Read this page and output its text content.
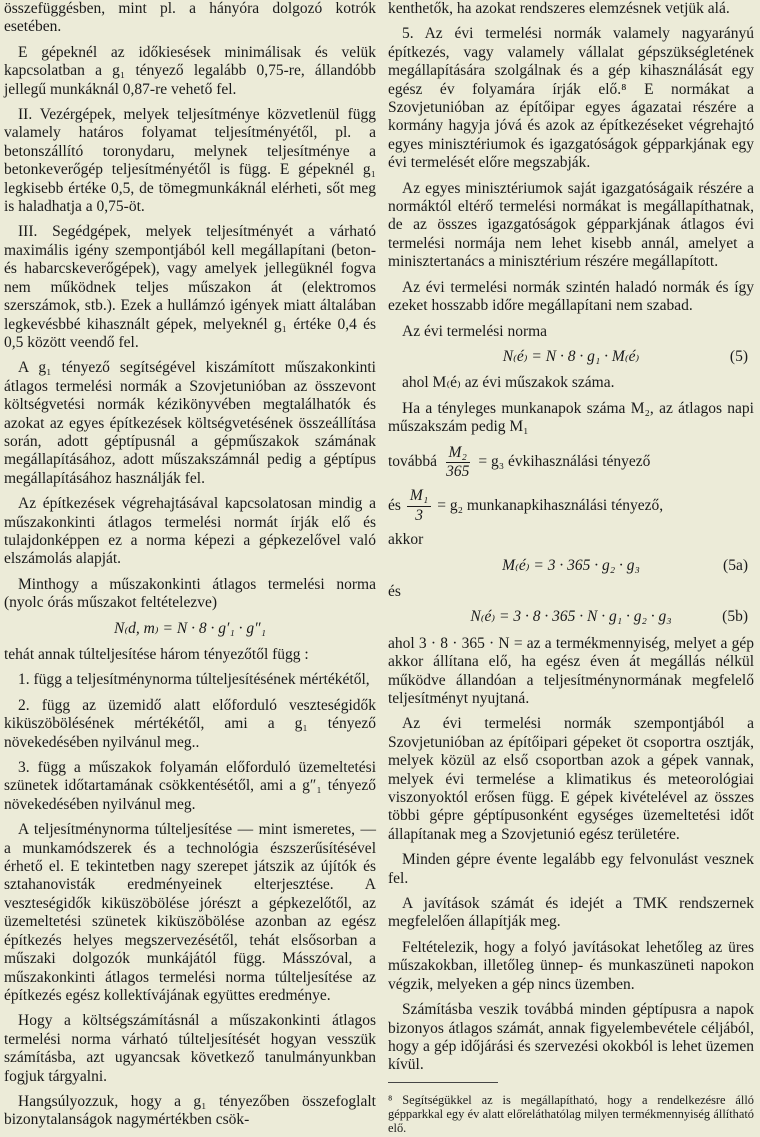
összefüggésben, mint pl. a hányóra dolgozó kotrók esetében.

E gépeknél az időkiesések minimálisak és velük kapcsolatban a g₁ tényező legalább 0,75-re, állandóbb jellegű munkáknál 0,87-re vehető fel.

II. Vezérgépek, melyek teljesítménye közvetlenül függ valamely határos folyamat teljesítményétől, pl. a betonszállító toronydaru, melynek teljesítménye a betonkeverőgép teljesítményétől is függ. E gépeknél g₁ legkisebb értéke 0,5, de tömegmunkáknál elérheti, sőt meg is haladhatja a 0,75-öt.

III. Segédgépek, melyek teljesítményét a várható maximális igény szempontjából kell megállapítani (beton- és habarcskeverőgépek), vagy amelyek jellegüknél fogva nem működnek teljes műszakon át (elektromos szerszámok, stb.). Ezek a hullámzó igények miatt általában legkevésbbé kihasznált gépek, melyeknél g₁ értéke 0,4 és 0,5 között veendő fel.

A g₁ tényező segítségével kiszámított műszakonkinti átlagos termelési normák a Szovjetunióban az összevont költségvetési normák kézikönyvében megtalálhatók és azokat az egyes építkezések költségvetésének összeállítása során, adott géptípusnál a gépműszakok számának megállapításához, adott műszakszámnál pedig a géptípus megállapításához használják fel.

Az építkezések végrehajtásával kapcsolatosan mindig a műszakonkinti átlagos termelési normát írják elő és tulajdonképpen ez a norma képezi a gépkezelővel való elszámolás alapját.

Minthogy a műszakonkinti átlagos termelési norma (nyolc órás műszakot feltételezve)

N₍d, m₎ = N · 8 · g′₁ · g″₁

tehát annak túlteljesítése három tényezőtől függ :

1. függ a teljesítménynorma túlteljesítésének mértékétől,

2. függ az üzemidő alatt előforduló veszteségidők kiküszöbölésének mértékétől, ami a g₁ tényező növekedésében nyilvánul meg..

3. függ a műszakok folyamán előforduló üzemeltetési szünetek időtartamának csökkentésétől, ami a g″₁ tényező növekedésében nyilvánul meg.

A teljesítménynorma túlteljesítése — mint ismeretes, — a munkamódszerek és a technológia észszerűsítésével érhető el. E tekintetben nagy szerepet játszik az újítók és sztahanovisták eredményeinek elterjesztése. A veszteségidők kiküszöbölése jórészt a gépkezelőtől, az üzemeltetési szünetek kiküszöbölése azonban az egész építkezés helyes megszervezésétől, tehát elsősorban a műszaki dolgozók munkájától függ. Másszóval, a műszakonkinti átlagos termelési norma túlteljesítése az építkezés egész kollektívájának együttes eredménye.

Hogy a költségszámításnál a műszakonkinti átlagos termelési norma várható túlteljesítését hogyan vesszük számításba, azt ugyancsak következő tanulmányunkban fogjuk tárgyalni.

Hangsúlyozzuk, hogy a g₁ tényezőben összefoglalt bizonytalanságok nagymértékben csök-

kenthetők, ha azokat rendszeres elemzésnek vetjük alá.

5. Az évi termelési normák valamely nagyarányú építkezés, vagy valamely vállalat gépszükségletének megállapítására szolgálnak és a gép kihasználását egy egész év folyamára írják elő.⁸ E normákat a Szovjetunióban az építőipar egyes ágazatai részére a kormány hagyja jóvá és azok az építkezéseket végrehajtó egyes minisztériumok és igazgatóságok gépparkjának egy évi termelését előre megszabják.

Az egyes minisztériumok saját igazgatóságaik részére a normáktól eltérő termelési normákat is megállapíthatnak, de az összes igazgatóságok gépparkjának átlagos évi termelési normája nem lehet kisebb annál, amelyet a minisztertanács a minisztérium részére megállapított.

Az évi termelési normák szintén haladó normák és így ezeket hosszabb időre megállapítani nem szabad.

Az évi termelési norma

N₍é₎ = N · 8 · g₁ · M₍é₎	(5)

ahol M₍é₎ az évi műszakok száma.

Ha a tényleges munkanapok száma M₂, az átlagos napi műszakszám pedig M₁

továbbá $\frac{\text{M₂}}{365} = g_3$ évkihasználási tényező
és $\frac{\text{M₁}}{3} = g_2$ munkanapkihasználási tényező,

akkor

M₍é₎ = 3 · 365 · g₂ · g₃	(5a)

és

N₍é₎ = 3 · 8 · 365 · N · g₁ · g₂ · g₃	(5b)

ahol 3 · 8 · 365 · N = az a termékmennyiség, melyet a gép akkor állítana elő, ha egész éven át megállás nélkül működve állandóan a teljesítménynormának megfelelő teljesítményt nyujtaná.

Az évi termelési normák szempontjából a Szovjetunióban az építőipari gépeket öt csoportra osztják, melyek közül az első csoportban azok a gépek vannak, melyek évi termelése a klimatikus és meteorológiai viszonyoktól erősen függ. E gépek kivételével az összes többi gépre géptípusonként egységes üzemeltetési időt állapítanak meg a Szovjetunió egész területére.

Minden gépre évente legalább egy felvonulást vesznek fel.

A javítások számát és idejét a TMK rendszernek megfelelően állapítják meg.

Feltételezik, hogy a folyó javításokat lehetőleg az üres műszakokban, illetőleg ünnep- és munkaszüneti napokon végzik, melyeken a gép nincs üzemben.

Számításba veszik továbbá minden géptípusra a napok bizonyos átlagos számát, annak figyelembevétele céljából, hogy a gép időjárási és szervezési okokból is lehet üzemen kívül.

⁸ Segítségükkel az is megállapítható, hogy a rendelkezésre álló gépparkkal egy év alatt előreláthatólag milyen termékmennyiség állítható elő.
